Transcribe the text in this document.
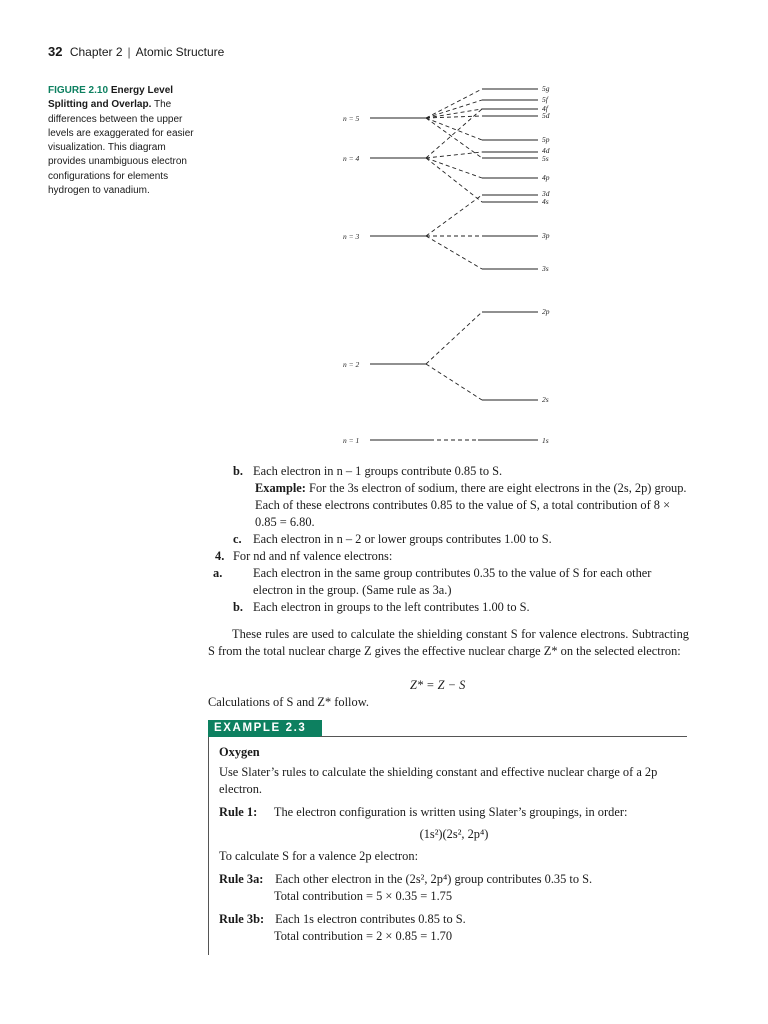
32 Chapter 2 | Atomic Structure
FIGURE 2.10 Energy Level Splitting and Overlap. The differences between the upper levels are exaggerated for easier visualization. This diagram provides unambiguous electron configurations for elements hydrogen to vanadium.
n = 5
n = 4
n = 3
n = 2
n = 1
5g
5f
4f
5d
5p
4d
5s
4p
3d
4s
3p
3s
2p
2s
1s

b. Each electron in n – 1 groups contribute 0.85 to S.

Example: For the 3s electron of sodium, there are eight electrons in the (2s, 2p) group. Each of these electrons contributes 0.85 to the value of S, a total contribution of 8 × 0.85 = 6.80.

c. Each electron in n – 2 or lower groups contributes 1.00 to S.

4. For nd and nf valence electrons:

a. Each electron in the same group contributes 0.35 to the value of S for each other electron in the group. (Same rule as 3a.)

b. Each electron in groups to the left contributes 1.00 to S.

These rules are used to calculate the shielding constant S for valence electrons. Subtracting S from the total nuclear charge Z gives the effective nuclear charge Z* on the selected electron:
Z* = Z − S
Calculations of S and Z* follow.
EXAMPLE 2.3

Oxygen

Use Slater’s rules to calculate the shielding constant and effective nuclear charge of a 2p electron.

Rule 1: The electron configuration is written using Slater’s groupings, in order:

(1s²)(2s², 2p⁴)

To calculate S for a valence 2p electron:

Rule 3a: Each other electron in the (2s², 2p⁴) group contributes 0.35 to S.

Total contribution = 5 × 0.35 = 1.75

Rule 3b: Each 1s electron contributes 0.85 to S.

Total contribution = 2 × 0.85 = 1.70
